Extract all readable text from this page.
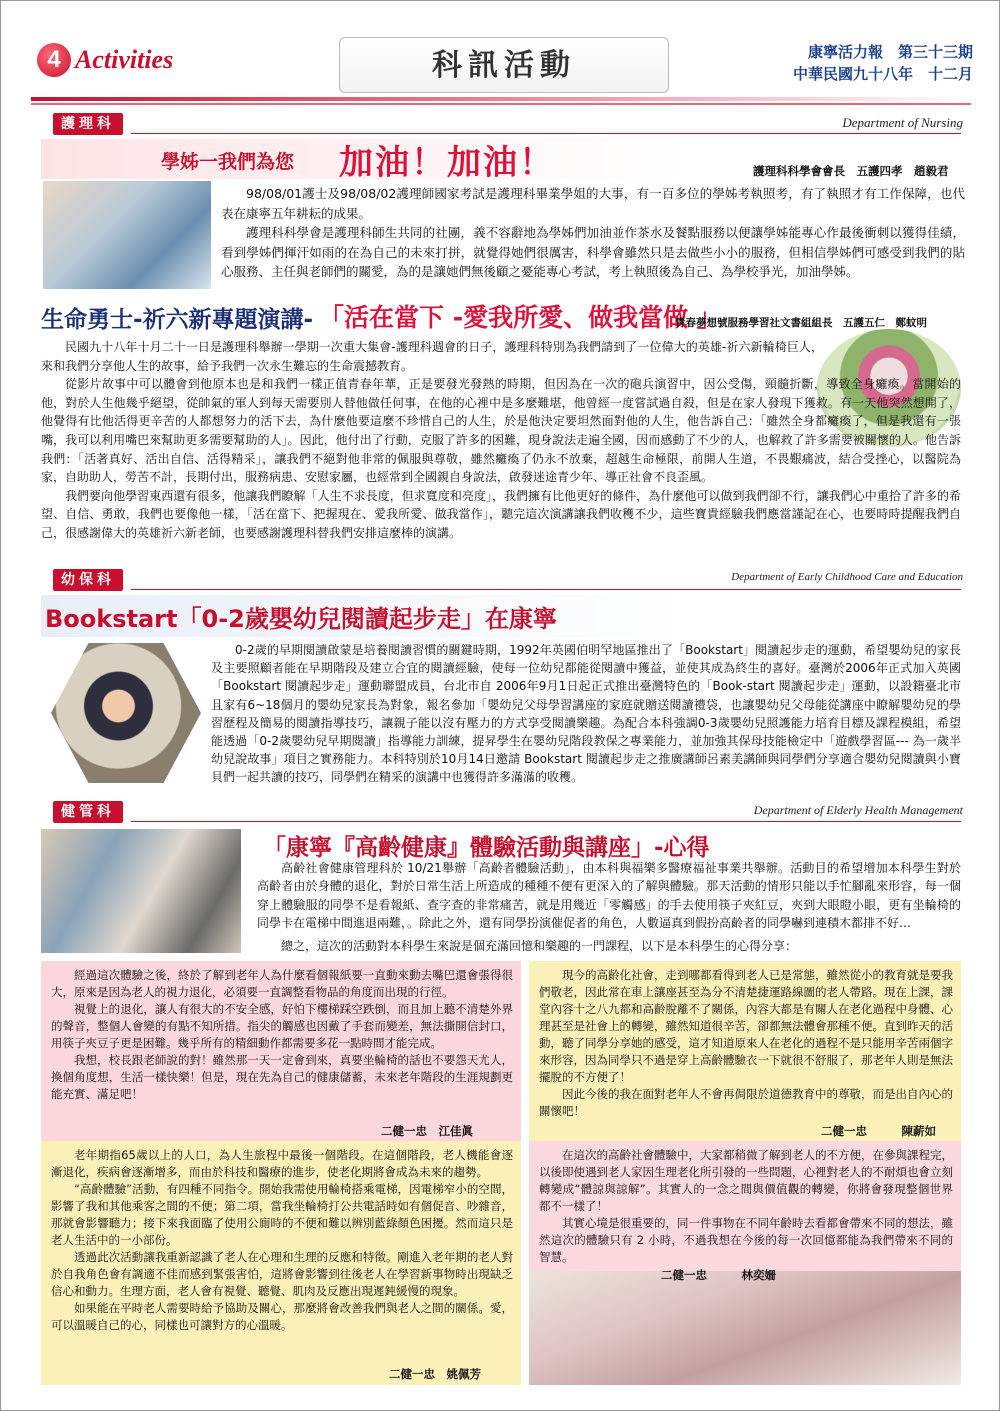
4 Activities	科訊活動	康寧活力報　第三十三期
中華民國九十八年　十二月
護理科	Department of Nursing
學姊一我們為您 加油！加油！	護理科科學會會長　五護四孝　趙毅君

98/08/01護士及98/08/02護理師國家考試是護理科畢業學姐的大事，有一百多位的學姊考執照考，有了執照才有工作保障，也代表在康寧五年耕耘的成果。

護理科科學會是護理科師生共同的社團，義不容辭地為學姊們加油並作茶水及餐點服務以便讓學姊能專心作最後衝刺以獲得佳績，看到學姊們揮汗如雨的在為自己的未來打拼，就覺得她們很厲害，科學會雖然只是去做些小小的服務，但相信學姊們可感受到我們的貼心服務、主任與老師們的關愛，為的是讓她們無後顧之憂能專心考試，考上執照後為自己、為學校爭光，加油學姊。

生命勇士-祈六新專題演講- 「活在當下 -愛我所愛、做我當做 」
青春夢想號服務學習社文書組組長　五護五仁　鄭蚊明

民國九十八年十月二十一日是護理科舉辦一學期一次重大集會-護理科週會的日子，護理科特別為我們請到了一位偉大的英雄-祈六新輪椅巨人，來和我們分享他人生的故事，給予我們一次永生難忘的生命震撼教育。

從影片故事中可以體會到他原本也是和我們一樣正值青春年華，正是要發光發熱的時期，但因為在一次的砲兵演習中，因公受傷，頸髓折斷，導致全身癱瘓。當開始的他，對於人生他幾乎絕望，從帥氣的軍人到每天需要別人替他做任何事，在他的心裡中是多麼難堪，他曾經一度嘗試過自殺，但是在家人發現下獲救。有一天他突然想開了，他覺得有比他活得更辛苦的人都想努力的活下去，為什麼他要這麼不珍惜自己的人生，於是他決定要坦然面對他的人生，他告訴自己：「雖然全身都癱瘓了，但是我還有一張嘴，我可以利用嘴巴來幫助更多需要幫助的人」。因此，他付出了行動，克服了許多的困難，現身說法走遍全國，因而感動了不少的人，也解救了許多需要被關懷的人。他告訴我們：「活著真好、活出自信、活得精采」，讓我們不絕對他非常的佩服與尊敬，雖然癱瘓了仍永不放棄，超越生命極限，前開人生道，不畏艱痛波，結合受挫心，以醫院為家，自助助人，勞苦不計，長期付出，服務病患、安慰家屬，也經常到全國親自身說法，啟發迷途青少年、導正社會不良歪風。

我們要向他學習東西還有很多，他讓我們瞭解「人生不求長度，但求寬度和亮度」，我們擁有比他更好的條件，為什麼他可以做到我們卻不行，讓我們心中重拾了許多的希望、自信、勇敢，我們也要像他一樣，「活在當下、把握現在、愛我所愛、做我當作」，聽完這次演講讓我們收穫不少，這些寶貴經驗我們應當謹記在心，也要時時提醒我們自己，很感謝偉大的英雄祈六新老師，也要感謝護理科替我們安排這麼棒的演講。

幼保科	Department of Early Childhood Care and Education
Bookstart「0-2歲嬰幼兒閱讀起步走」在康寧

0-2歲的早期閱讀啟蒙是培養閱讀習慣的關鍵時期，1992年英國伯明罕地區推出了「Bookstart」閱讀起步走的運動，希望嬰幼兒的家長及主要照顧者能在早期階段及建立合宜的閱讀經驗，使每一位幼兒都能從閱讀中獲益，並使其成為終生的喜好。臺灣於2006年正式加入英國「Bookstart 閱讀起步走」運動聯盟成員，台北市自 2006年9月1日起正式推出臺灣特色的「Book-start 閱讀起步走」運動，以設籍臺北市且家有6~18個月的嬰幼兒家長為對象，報名參加「嬰幼兒父母學習講座的家庭就贈送閱讀禮袋，也讓嬰幼兒父母能從講座中瞭解嬰幼兒的學習歷程及簡易的閱讀指導技巧，讓親子能以沒有壓力的方式享受閱讀樂趣。為配合本科強調0-3歲嬰幼兒照護能力培育目標及課程模組，希望能透過「0-2歲嬰幼兒早期閱讀」指導能力訓練，提昇學生在嬰幼兒階段教保之專業能力，並加強其保母技能檢定中「遊戲學習區--- 為一歲半幼兒說故事」項目之實務能力。本科特別於10月14日邀請 Bookstart 閱讀起步走之推廣講師呂素美講師與同學們分享適合嬰幼兒閱讀與小寶貝們一起共讀的技巧，同學們在精采的演講中也獲得許多滿滿的收穫。

健管科	Department of Elderly Health Management
「康寧『高齡健康』體驗活動與講座」-心得

高齡社會健康管理科於 10/21舉辦「高齡者體驗活動」，由本科與福樂多醫療福祉事業共舉辦。活動目的希望增加本科學生對於高齡者由於身體的退化，對於日常生活上所造成的種種不便有更深入的了解與體驗。那天活動的情形只能以手忙腳亂來形容，每一個穿上體驗服的同學不是看報紙、查字查的非常痛苦，就是用幾近「零觸感」的手去使用筷子夾紅豆，夾到大眼瞪小眼，更有坐輪椅的同學卡在電梯中間進退兩難，。除此之外，還有同學扮演催促者的角色，人數逼真到假扮高齡者的同學嚇到連積木都排不好…

總之，這次的活動對本科學生來說是個充滿回憶和樂趣的一門課程，以下是本科學生的心得分享：

經過這次體驗之後，終於了解到老年人為什麼看個報紙要一直動來動去嘴巴還會張得很大，原來是因為老人的視力退化，必須要一直調整看物品的角度而出現的行徑。

視覺上的退化，讓人有很大的不安全感，好怕下樓梯踩空跌倒，而且加上聽不清楚外界的聲音，整個人會變的有點不知所措。指尖的觸感也因戴了手套而變差，無法撕開信封口，用筷子夾豆子更是困難。幾乎所有的精細動作都需要多花一點時間才能完成。

我想，校長跟老師說的對！雖然那一天一定會到來，真要坐輪椅的話也不要怨天尤人，換個角度想，生活一樣快樂！但是，現在先為自己的健康儲蓄，未來老年階段的生涯規劃更能充實、滿足吧！

二健一忠　江佳眞

現今的高齡化社會，走到哪都看得到老人已是常態，雖然從小的教育就是要我們敬老，因此常在車上讓座甚至為分不清楚捷運路線圖的老人帶路。現在上課，課堂內容十之八九都和高齡脫離不了關係，內容大都是有關人在老化過程中身體、心理甚至是社會上的轉變，雖然知道很辛苦，卻都無法體會那種不便。直到昨天的活動，聽了同學分享她的感受，這才知道原來人在老化的過程不是只能用辛苦兩個字來形容，因為同學只不過是穿上高齡體驗衣一下就很不舒服了，那老年人則是無法擺脫的不方便了！

因此今後的我在面對老年人不會再侷限於道德教育中的尊敬，而是出自內心的關懷吧！

二健一忠　　　陳薪如

老年期指65歲以上的人口，為人生旅程中最後一個階段。在這個階段，老人機能會逐漸退化，疾病會逐漸增多，而由於科技和醫療的進步，使老化期將會成為未來的趨勢。

“高齡體驗”活動，有四種不同指令。開始我需使用輪椅搭乘電梯，因電梯窄小的空間，影響了我和其他乘客之間的不便；第二項，當我坐輪椅打公共電話時如有個促音、吵雜音，那就會影響聽力；接下來我面臨了使用公廁時的不便和難以辨別藍綠顏色困擾。然而這只是老人生活中的一小部份。

透過此次活動讓我重新認識了老人在心理和生理的反應和特徵。剛進入老年期的老人對於自我角色會有調適不佳而感到緊張害怕，這將會影響到往後老人在學習新事物時出現缺乏信心和動力。生理方面，老人會有視覺、聽覺、肌肉及反應出現遲鈍緩慢的現象。

如果能在平時老人需要時給予協助及關心，那麼將會改善我們與老人之間的關係。愛，可以溫暖自己的心，同樣也可讓對方的心溫暖。

二健一忠　姚佩芳

在這次的高齡社會體驗中，大家都稍微了解到老人的不方便，在參與課程完，以後即使遇到老人家因生理老化所引發的一些問題，心裡對老人的不耐煩也會立刻轉變成“體諒與諒解”。其實人的一念之間與價值觀的轉變，你將會發現整個世界都不一樣了！

其實心境是很重要的，同一件事物在不同年齡時去看都會帶來不同的想法，雖然這次的體驗只有 2 小時，不過我想在今後的每一次回憶都能為我們帶來不同的智慧。

二健一忠　　　林奕姍
